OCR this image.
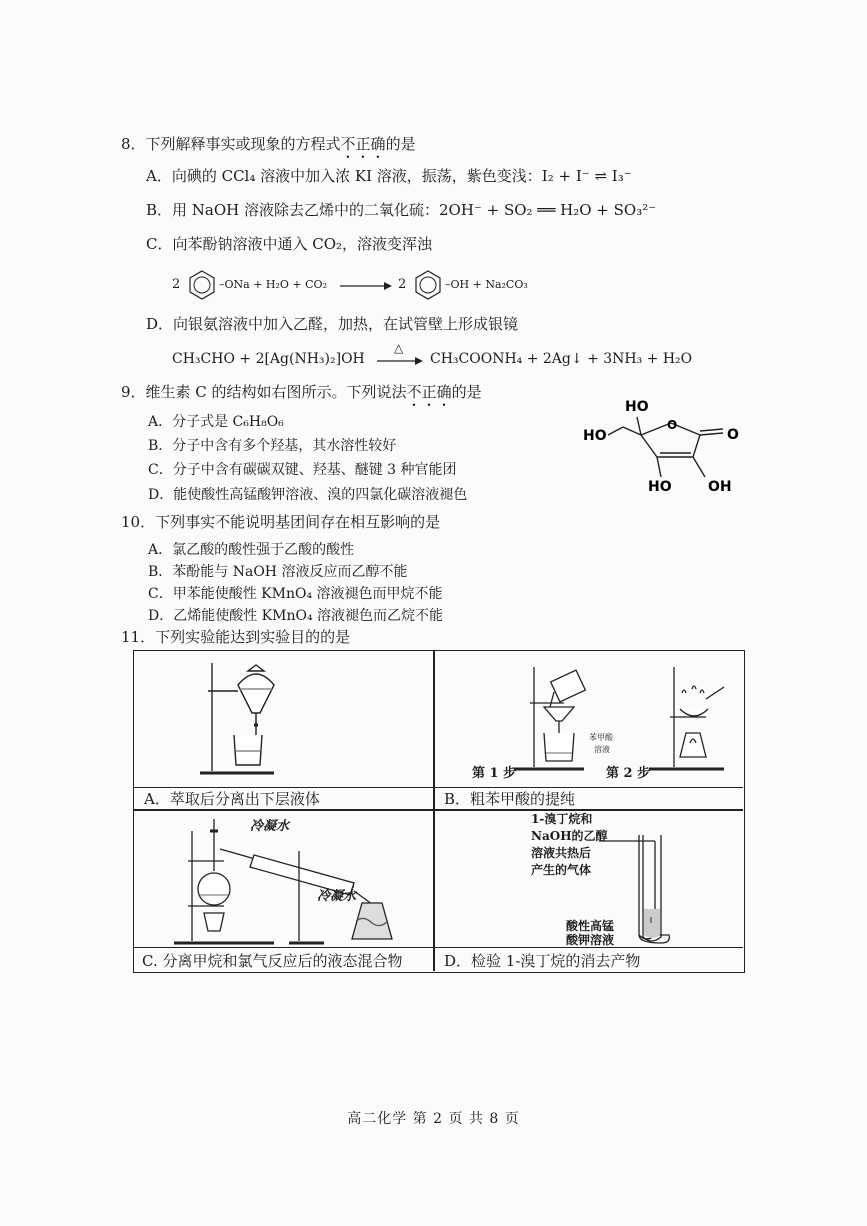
8．下列解释事实或现象的方程式不正确的是
A．向碘的 CCl₄ 溶液中加入浓 KI 溶液，振荡，紫色变浅：I₂ + I⁻ ⇌ I₃⁻
B．用 NaOH 溶液除去乙烯中的二氧化硫：2OH⁻ + SO₂ ══ H₂O + SO₃²⁻
C．向苯酚钠溶液中通入 CO₂，溶液变浑浊
2	–ONa + H₂O + CO₂ → 2	–OH + Na₂CO₃
D．向银氨溶液中加入乙醛，加热，在试管壁上形成银镜
CH₃CHO + 2[Ag(NH₃)₂]OH
△
→ CH₃COONH₄ + 2Ag↓ + 3NH₃ + H₂O
9．维生素 C 的结构如右图所示。下列说法不正确的是
A．分子式是 C₆H₈O₆
B．分子中含有多个羟基，其水溶性较好
C．分子中含有碳碳双键、羟基、醚键 3 种官能团
D．能使酸性高锰酸钾溶液、溴的四氯化碳溶液褪色
HO
HO	O
HO	OH
O
10．下列事实不能说明基团间存在相互影响的是
A．氯乙酸的酸性强于乙酸的酸性
B．苯酚能与 NaOH 溶液反应而乙醇不能
C．甲苯能使酸性 KMnO₄ 溶液褪色而甲烷不能
D．乙烯能使酸性 KMnO₄ 溶液褪色而乙烷不能
11．下列实验能达到实验目的的是
第 1 步	第 2 步
苯甲酸
溶液
冷凝水
冷凝水
1-溴丁烷和
NaOH的乙醇
溶液共热后
产生的气体
酸性高锰
酸钾溶液
A．萃取后分离出下层液体	B．粗苯甲酸的提纯
C. 分离甲烷和氯气反应后的液态混合物	D．检验 1-溴丁烷的消去产物
高二化学 第 2 页 共 8 页
